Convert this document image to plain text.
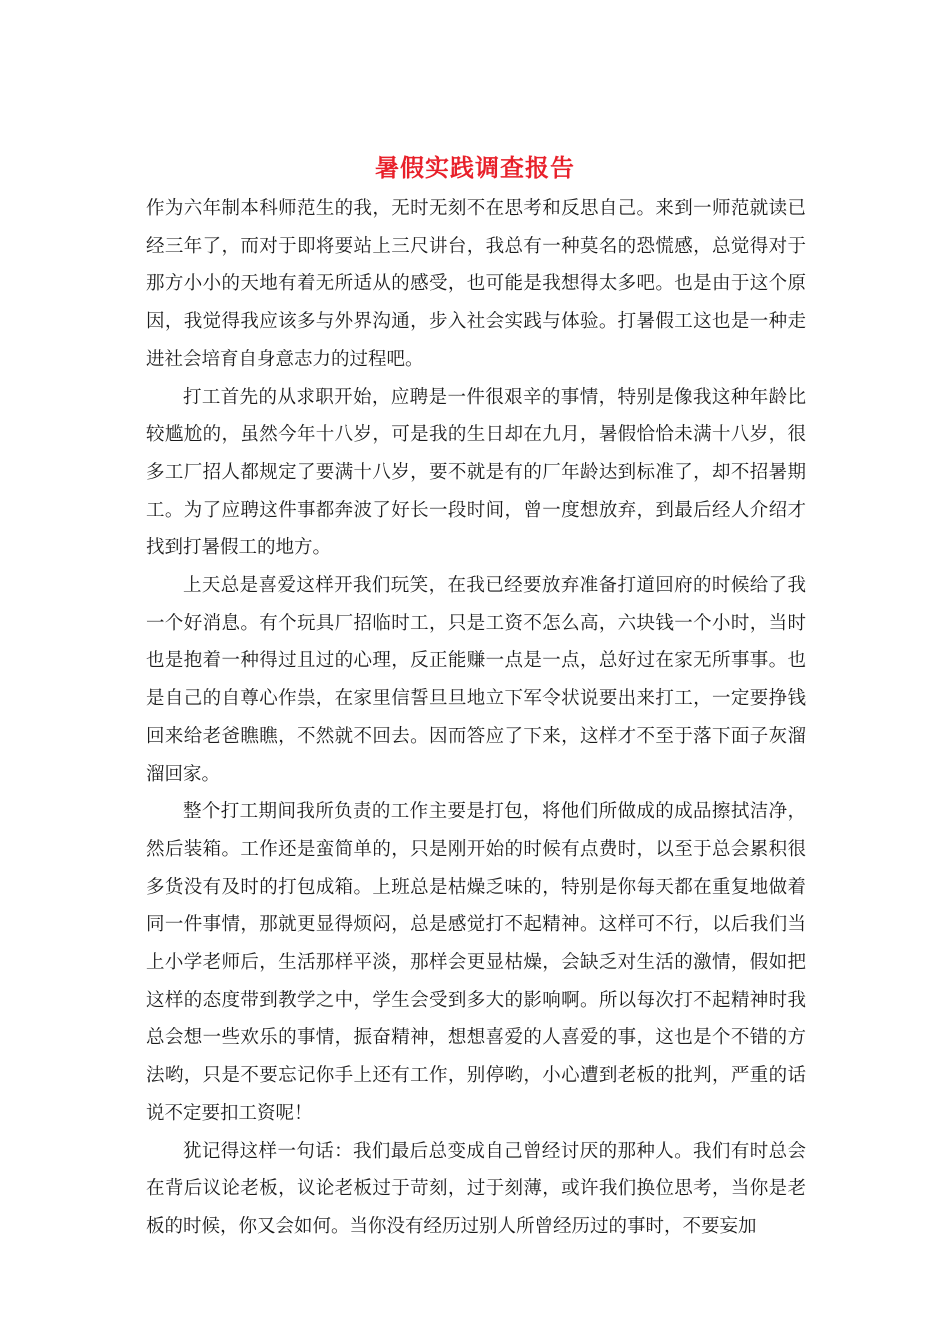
暑假实践调查报告

作为六年制本科师范生的我，无时无刻不在思考和反思自己。来到一师范就读已经三年了，而对于即将要站上三尺讲台，我总有一种莫名的恐慌感，总觉得对于那方小小的天地有着无所适从的感受，也可能是我想得太多吧。也是由于这个原因，我觉得我应该多与外界沟通，步入社会实践与体验。打暑假工这也是一种走进社会培育自身意志力的过程吧。

打工首先的从求职开始，应聘是一件很艰辛的事情，特别是像我这种年龄比较尴尬的，虽然今年十八岁，可是我的生日却在九月，暑假恰恰未满十八岁，很多工厂招人都规定了要满十八岁，要不就是有的厂年龄达到标准了，却不招暑期工。为了应聘这件事都奔波了好长一段时间，曾一度想放弃，到最后经人介绍才找到打暑假工的地方。

上天总是喜爱这样开我们玩笑，在我已经要放弃准备打道回府的时候给了我一个好消息。有个玩具厂招临时工，只是工资不怎么高，六块钱一个小时，当时也是抱着一种得过且过的心理，反正能赚一点是一点，总好过在家无所事事。也是自己的自尊心作祟，在家里信誓旦旦地立下军令状说要出来打工，一定要挣钱回来给老爸瞧瞧，不然就不回去。因而答应了下来，这样才不至于落下面子灰溜溜回家。

整个打工期间我所负责的工作主要是打包，将他们所做成的成品擦拭洁净，然后装箱。工作还是蛮简单的，只是刚开始的时候有点费时，以至于总会累积很多货没有及时的打包成箱。上班总是枯燥乏味的，特别是你每天都在重复地做着同一件事情，那就更显得烦闷，总是感觉打不起精神。这样可不行，以后我们当上小学老师后，生活那样平淡，那样会更显枯燥，会缺乏对生活的激情，假如把这样的态度带到教学之中，学生会受到多大的影响啊。所以每次打不起精神时我总会想一些欢乐的事情，振奋精神，想想喜爱的人喜爱的事，这也是个不错的方法哟，只是不要忘记你手上还有工作，别停哟，小心遭到老板的批判，严重的话说不定要扣工资呢！

犹记得这样一句话：我们最后总变成自己曾经讨厌的那种人。我们有时总会在背后议论老板，议论老板过于苛刻，过于刻薄，或许我们换位思考，当你是老板的时候，你又会如何。当你没有经历过别人所曾经历过的事时，不要妄加
